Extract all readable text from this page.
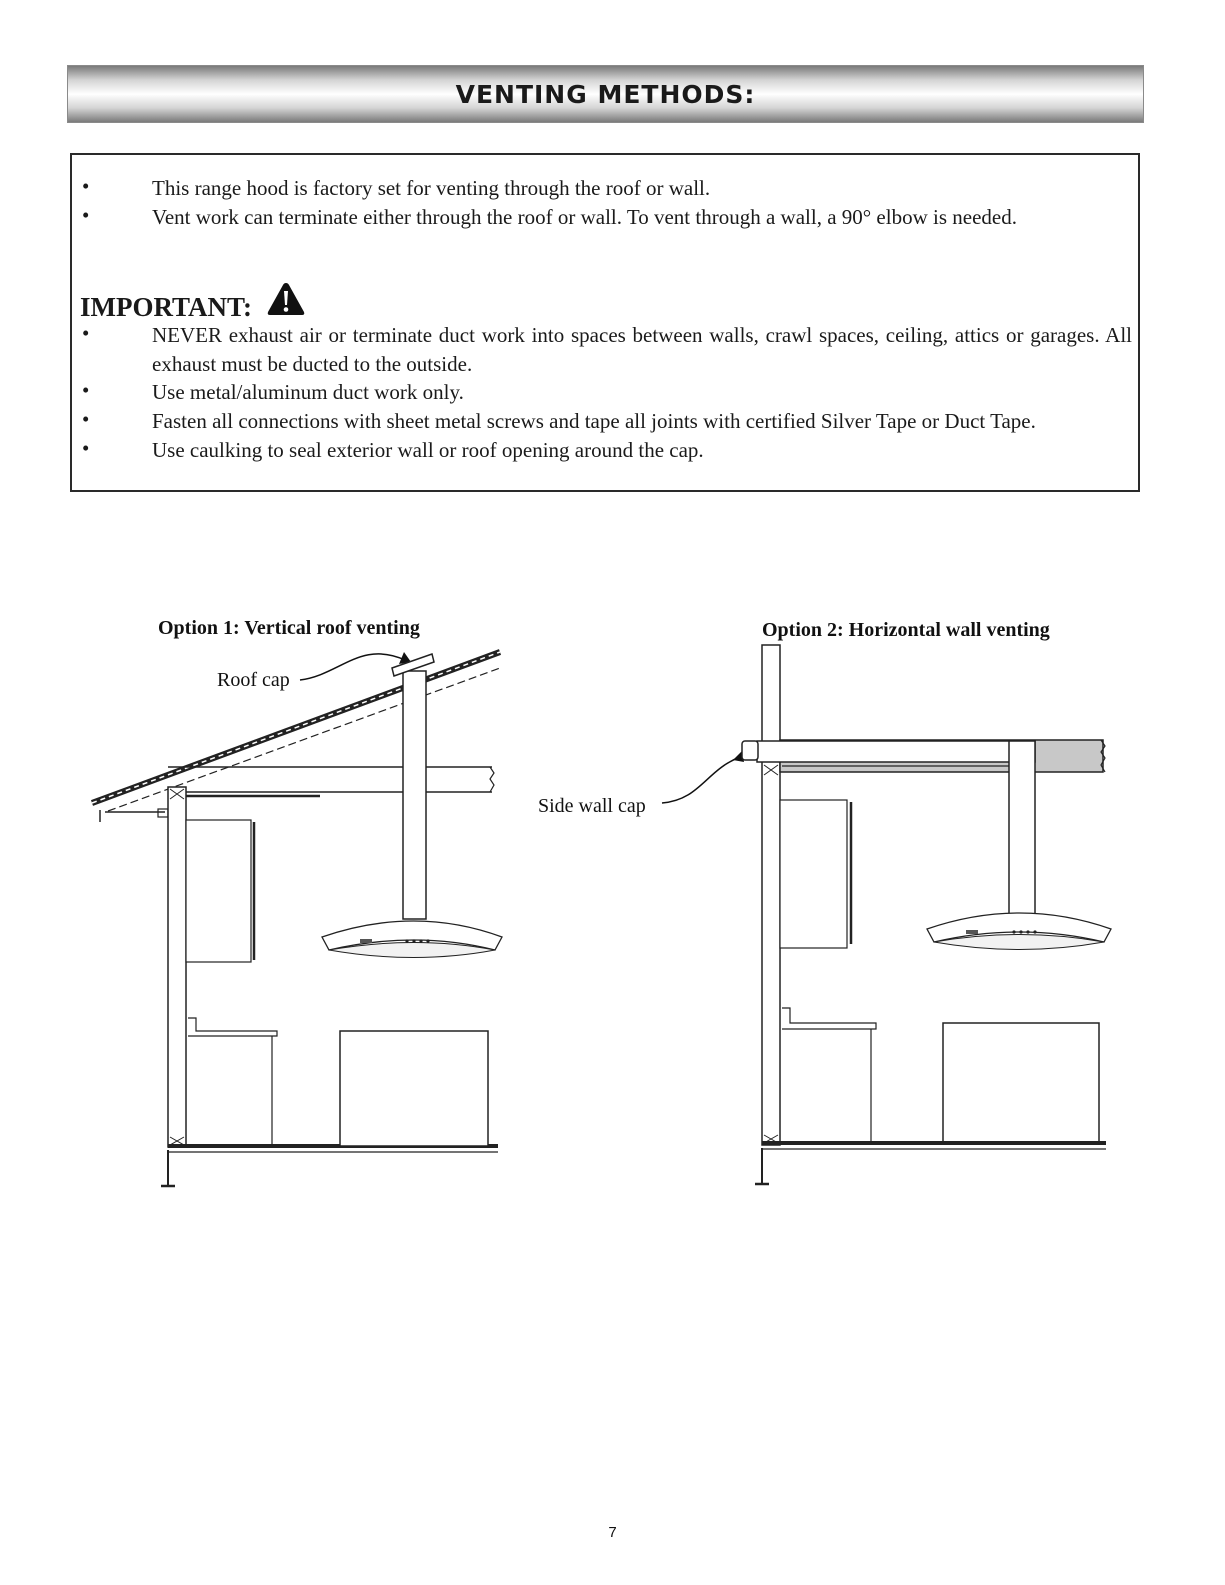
VENTING METHODS:
•	This range hood is factory set for venting through the roof or wall.
•	Vent work can terminate either through the roof or wall. To vent through a wall, a 90° elbow is needed.
IMPORTANT:
•	NEVER exhaust air or terminate duct work into spaces between walls, crawl spaces, ceiling, attics or garages. All exhaust must be ducted to the outside.
•	Use metal/aluminum duct work only.
•	Fasten all connections with sheet metal screws and tape all joints with certified Silver Tape or Duct Tape.
•	Use caulking to seal exterior wall or roof opening around the cap.
Option 1: Vertical roof venting
Roof cap
Option 2: Horizontal wall venting
Side wall cap
7
